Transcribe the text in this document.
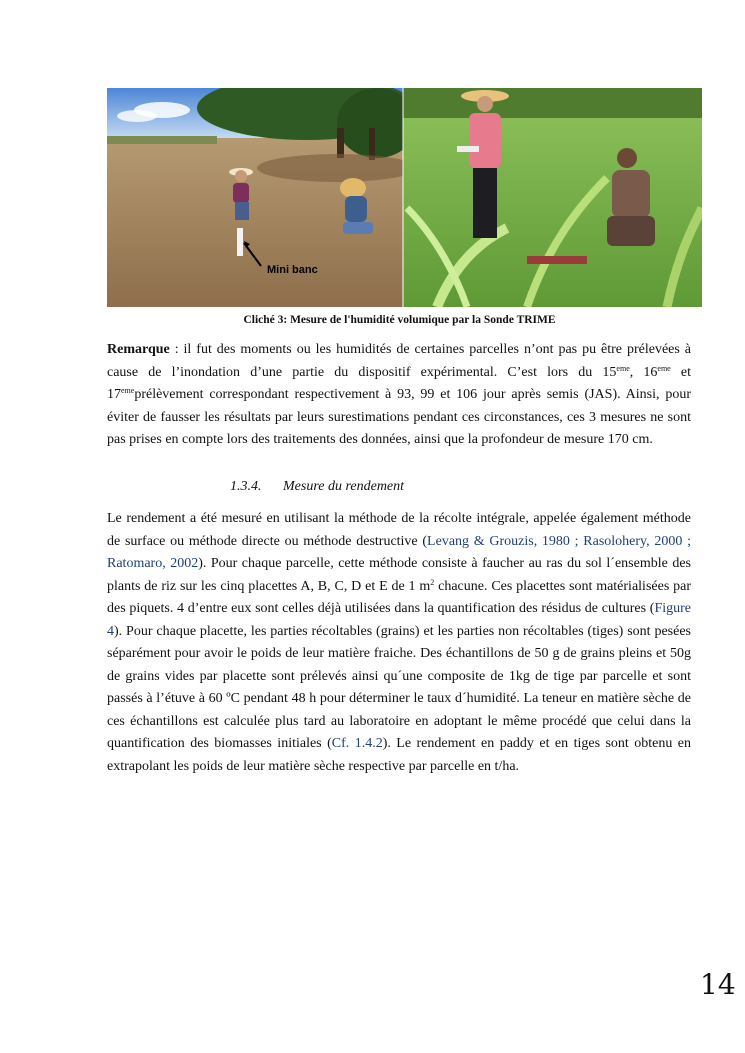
Mini banc
Cliché 3: Mesure de l'humidité volumique par la Sonde TRIME

Remarque : il fut des moments ou les humidités de certaines parcelles n’ont pas pu être prélevées à cause de l’inondation d’une partie du dispositif expérimental. C’est lors du 15eme, 16eme et 17emeprélèvement correspondant respectivement à 93, 99 et 106 jour après semis (JAS). Ainsi, pour éviter de fausser les résultats par leurs surestimations pendant ces circonstances, ces 3 mesures ne sont pas prises en compte lors des traitements des données, ainsi que la profondeur de mesure 170 cm.

1.3.4. Mesure du rendement

Le rendement a été mesuré en utilisant la méthode de la récolte intégrale, appelée également méthode de surface ou méthode directe ou méthode destructive (Levang & Grouzis, 1980 ; Rasolohery, 2000 ; Ratomaro, 2002). Pour chaque parcelle, cette méthode consiste à faucher au ras du sol l´ensemble des plants de riz sur les cinq placettes A, B, C, D et E de 1 $m^2$ chacune. Ces placettes sont matérialisées par des piquets. 4 d’entre eux sont celles déjà utilisées dans la quantification des résidus de cultures (Figure 4). Pour chaque placette, les parties récoltables (grains) et les parties non récoltables (tiges) sont pesées séparément pour avoir le poids de leur matière fraiche. Des échantillons de 50 g de grains pleins et 50g de grains vides par placette sont prélevés ainsi qu´une composite de 1kg de tige par parcelle et sont passés à l’étuve à 60 ºC pendant 48 h pour déterminer le taux d´humidité. La teneur en matière sèche de ces échantillons est calculée plus tard au laboratoire en adoptant le même procédé que celui dans la quantification des biomasses initiales (Cf. 1.4.2). Le rendement en paddy et en tiges sont obtenu en extrapolant les poids de leur matière sèche respective par parcelle en t/ha.

14
